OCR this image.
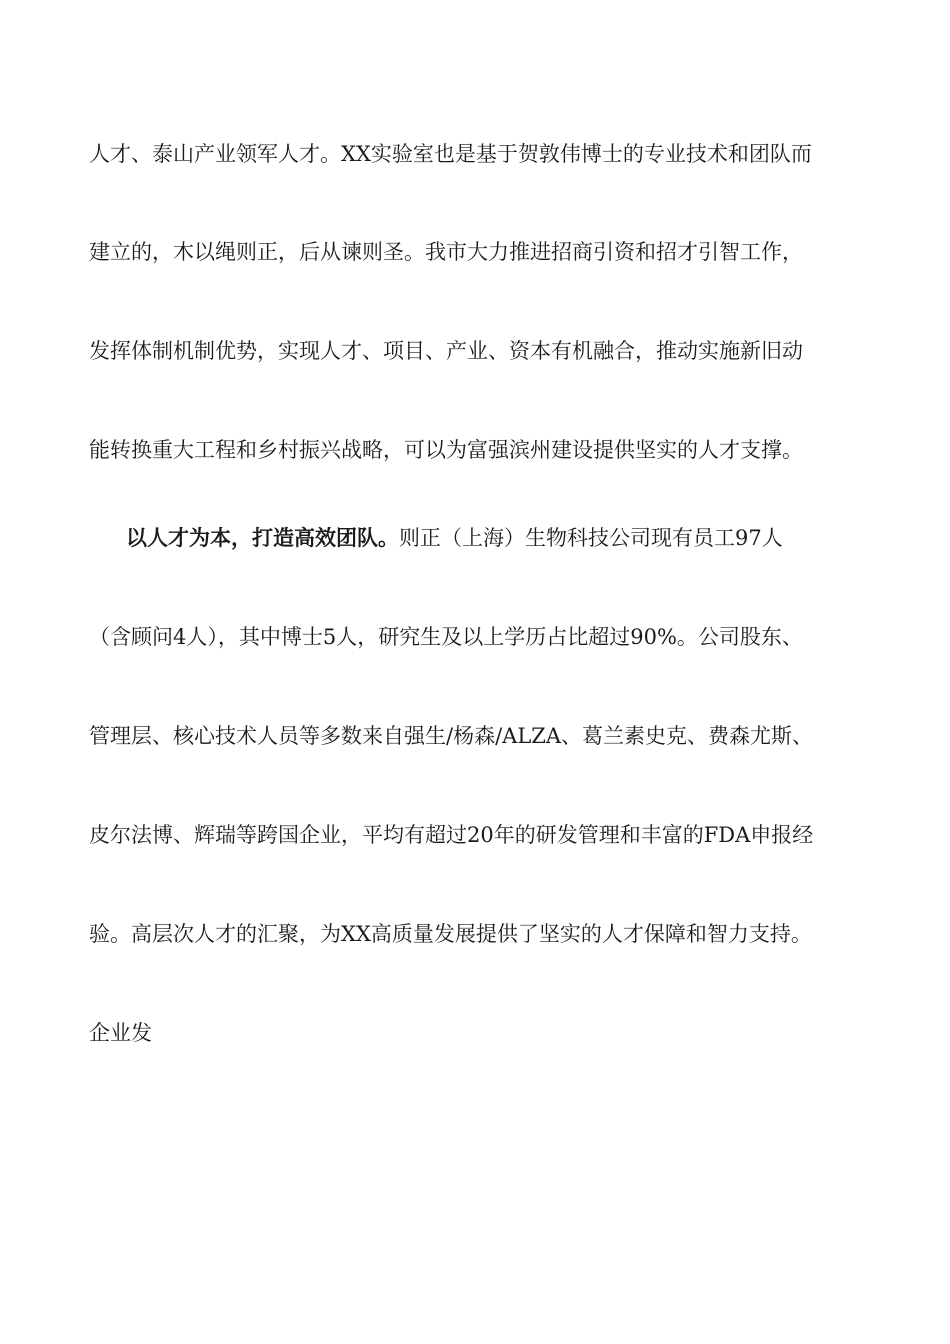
人才、泰山产业领军人才。XX实验室也是基于贺敦伟博士的专业技术和团队而
建立的，木以绳则正，后从谏则圣。我市大力推进招商引资和招才引智工作，
发挥体制机制优势，实现人才、项目、产业、资本有机融合，推动实施新旧动
能转换重大工程和乡村振兴战略，可以为富强滨州建设提供坚实的人才支撑。
以人才为本，打造高效团队。则正（上海）生物科技公司现有员工97人
（含顾问4人），其中博士5人，研究生及以上学历占比超过90%。公司股东、
管理层、核心技术人员等多数来自强生/杨森/ALZA、葛兰素史克、费森尤斯、
皮尔法博、辉瑞等跨国企业，平均有超过20年的研发管理和丰富的FDA申报经
验。高层次人才的汇聚，为XX高质量发展提供了坚实的人才保障和智力支持。
企业发
